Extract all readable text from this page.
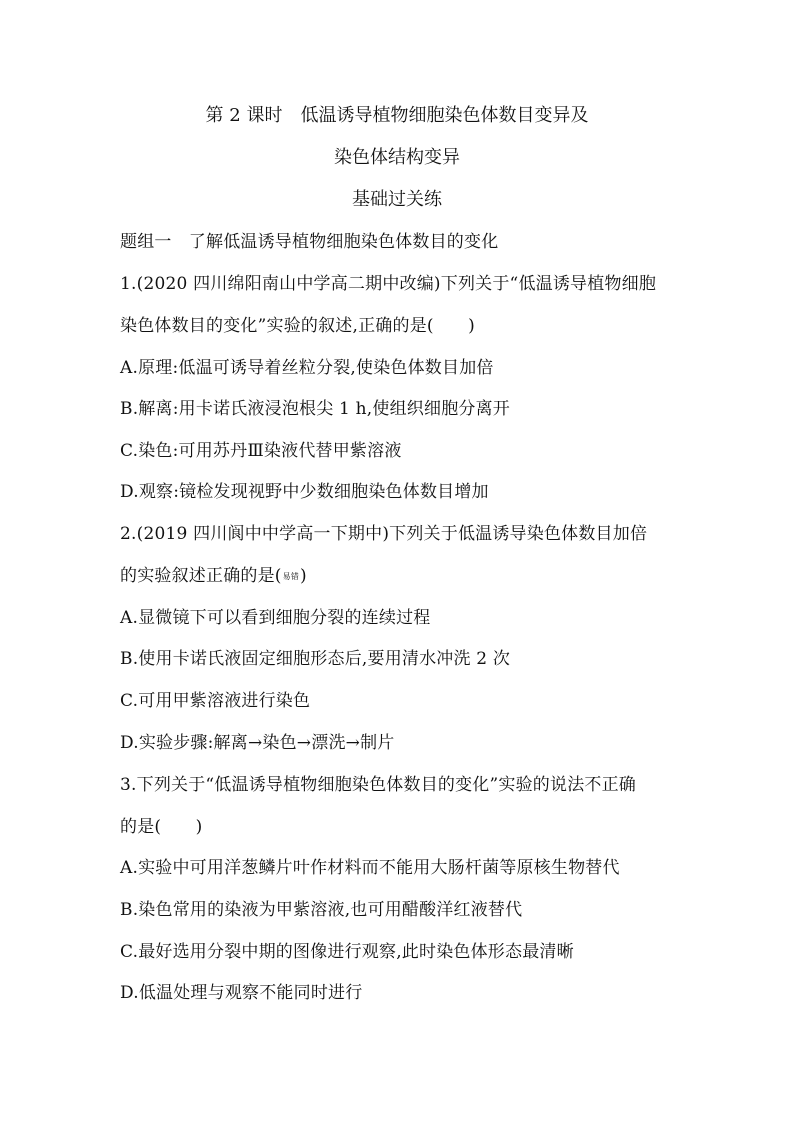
第 2 课时　低温诱导植物细胞染色体数目变异及
染色体结构变异
基础过关练
题组一　了解低温诱导植物细胞染色体数目的变化
1.(2020 四川绵阳南山中学高二期中改编)下列关于“低温诱导植物细胞
染色体数目的变化”实验的叙述,正确的是(　　)
A.原理:低温可诱导着丝粒分裂,使染色体数目加倍
B.解离:用卡诺氏液浸泡根尖 1 h,使组织细胞分离开
C.染色:可用苏丹Ⅲ染液代替甲紫溶液
D.观察:镜检发现视野中少数细胞染色体数目增加
2.(2019 四川阆中中学高一下期中)下列关于低温诱导染色体数目加倍
的实验叙述正确的是(易错)
A.显微镜下可以看到细胞分裂的连续过程
B.使用卡诺氏液固定细胞形态后,要用清水冲洗 2 次
C.可用甲紫溶液进行染色
D.实验步骤:解离→染色→漂洗→制片
3.下列关于“低温诱导植物细胞染色体数目的变化”实验的说法不正确
的是(　　)
A.实验中可用洋葱鳞片叶作材料而不能用大肠杆菌等原核生物替代
B.染色常用的染液为甲紫溶液,也可用醋酸洋红液替代
C.最好选用分裂中期的图像进行观察,此时染色体形态最清晰
D.低温处理与观察不能同时进行
